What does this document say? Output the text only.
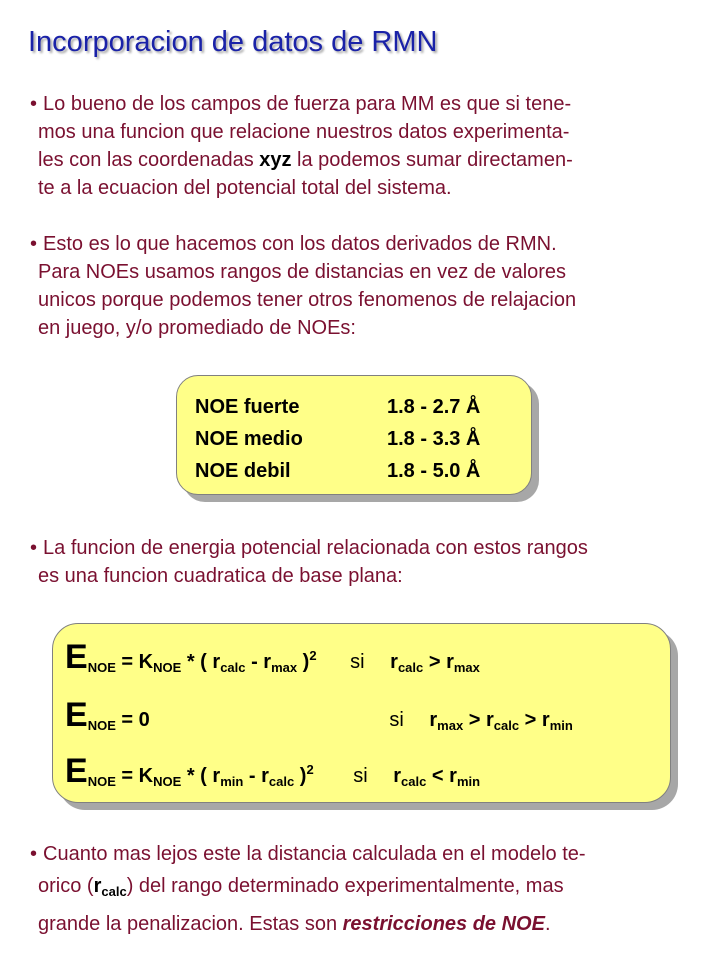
Incorporacion de datos de RMN
• Lo bueno de los campos de fuerza para MM es que si tene-
mos una funcion que relacione nuestros datos experimenta-
les con las coordenadas xyz la podemos sumar directamen-
te a la ecuacion del potencial total del sistema.
• Esto es lo que hacemos con los datos derivados de RMN.
Para NOEs usamos rangos de distancias en vez de valores
unicos porque podemos tener otros fenomenos de relajacion
en juego, y/o promediado de NOEs:
NOE fuerte	1.8 - 2.7 Å
NOE medio	1.8 - 3.3 Å
NOE debil	1.8 - 5.0 Å
• La funcion de energia potencial relacionada con estos rangos
es una funcion cuadratica de base plana:
$E_{NOE} = K_{NOE}$ * ( $r_{calc} - r_{max}$ )$^2$ si $r_{calc} > r_{max}$
$E_{NOE} = 0$	si $r_{max} > r_{calc} > r_{min}$
$E_{NOE} = K_{NOE}$ * ( $r_{min} - r_{calc}$ )$^2$ si $r_{calc} < r_{min}$
• Cuanto mas lejos este la distancia calculada en el modelo te-
orico $(r_{calc})$ del rango determinado experimentalmente, mas
grande la penalizacion. Estas son restricciones de NOE.
